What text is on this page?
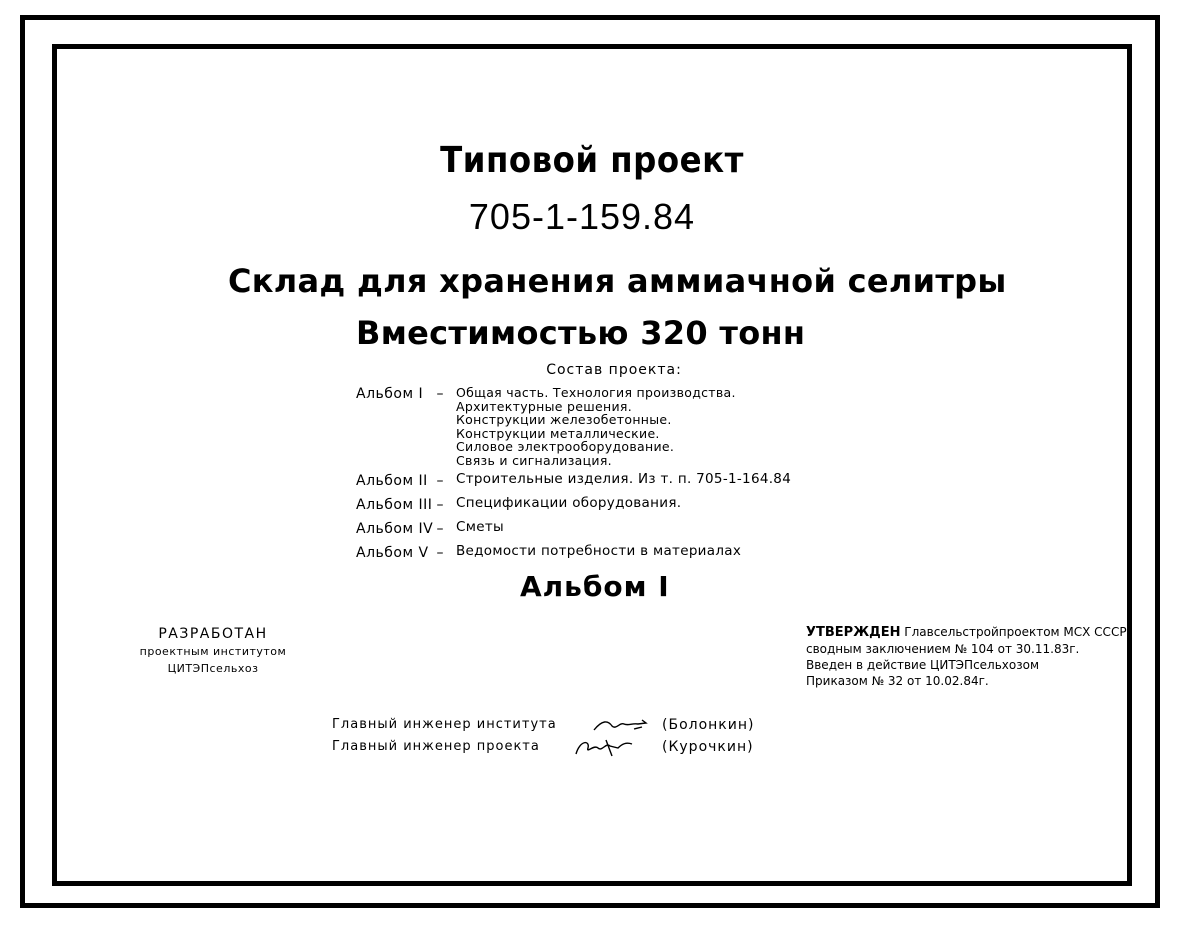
Типовой проект
705-1-159.84
Склад для хранения аммиачной селитры
Вместимостью 320 тонн
Состав проекта:
Альбом I –	Общая часть. Технология производства.
Архитектурные решения.
Конструкции железобетонные.
Конструкции металлические.
Силовое электрооборудование.
Связь и сигнализация.
Альбом II – Строительные изделия. Из т. п. 705-1-164.84
Альбом III – Спецификации оборудования.
Альбом IV – Сметы
Альбом V – Ведомости потребности в материалах
Альбом I
РАЗРАБОТАН
проектным институтом
ЦИТЭПсельхоз
УТВЕРЖДЕН Главсельстройпроектом МСХ СССР
сводным заключением № 104 от 30.11.83г.
Введен в действие ЦИТЭПсельхозом
Приказом № 32 от 10.02.84г.
Главный инженер института	(Болонкин)
Главный инженер проекта	(Курочкин)
